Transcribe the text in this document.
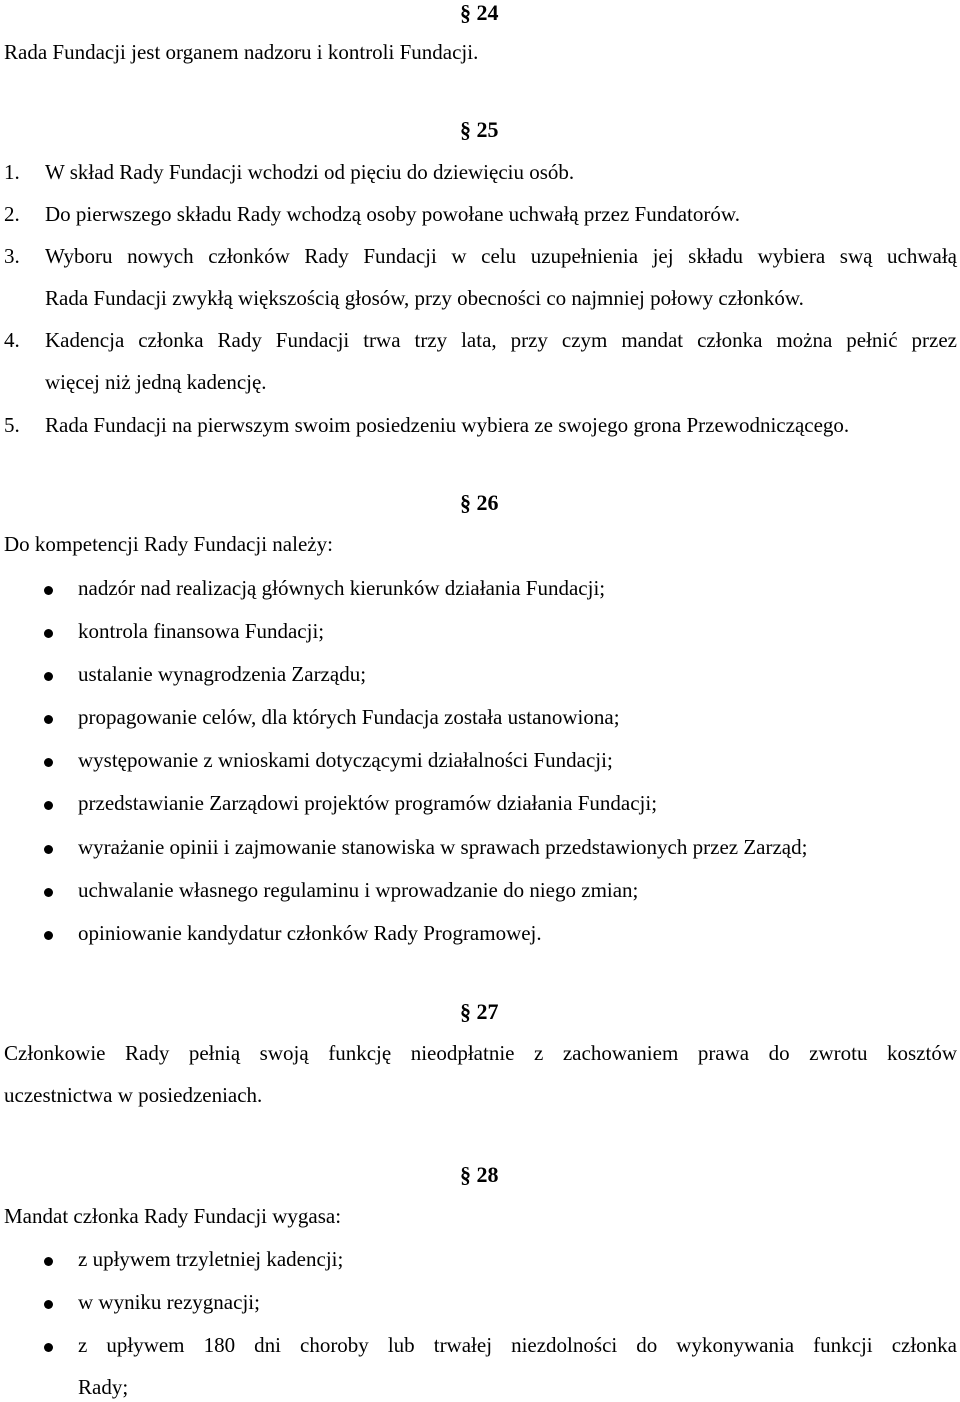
§ 24
Rada Fundacji jest organem nadzoru i kontroli Fundacji.
§ 25
1. W skład Rady Fundacji wchodzi od pięciu do dziewięciu osób.
2. Do pierwszego składu Rady wchodzą osoby powołane uchwałą przez Fundatorów.
3. Wyboru nowych członków Rady Fundacji w celu uzupełnienia jej składu wybiera swą uchwałą
Rada Fundacji zwykłą większością głosów, przy obecności co najmniej połowy członków.
4. Kadencja członka Rady Fundacji trwa trzy lata, przy czym mandat członka można pełnić przez
więcej niż jedną kadencję.
5. Rada Fundacji na pierwszym swoim posiedzeniu wybiera ze swojego grona Przewodniczącego.
§ 26
Do kompetencji Rady Fundacji należy:
nadzór nad realizacją głównych kierunków działania Fundacji;
kontrola finansowa Fundacji;
ustalanie wynagrodzenia Zarządu;
propagowanie celów, dla których Fundacja została ustanowiona;
występowanie z wnioskami dotyczącymi działalności Fundacji;
przedstawianie Zarządowi projektów programów działania Fundacji;
wyrażanie opinii i zajmowanie stanowiska w sprawach przedstawionych przez Zarząd;
uchwalanie własnego regulaminu i wprowadzanie do niego zmian;
opiniowanie kandydatur członków Rady Programowej.
§ 27
Członkowie Rady pełnią swoją funkcję nieodpłatnie z zachowaniem prawa do zwrotu kosztów
uczestnictwa w posiedzeniach.
§ 28
Mandat członka Rady Fundacji wygasa:
z upływem trzyletniej kadencji;
w wyniku rezygnacji;
z upływem 180 dni choroby lub trwałej niezdolności do wykonywania funkcji członka
Rady;
